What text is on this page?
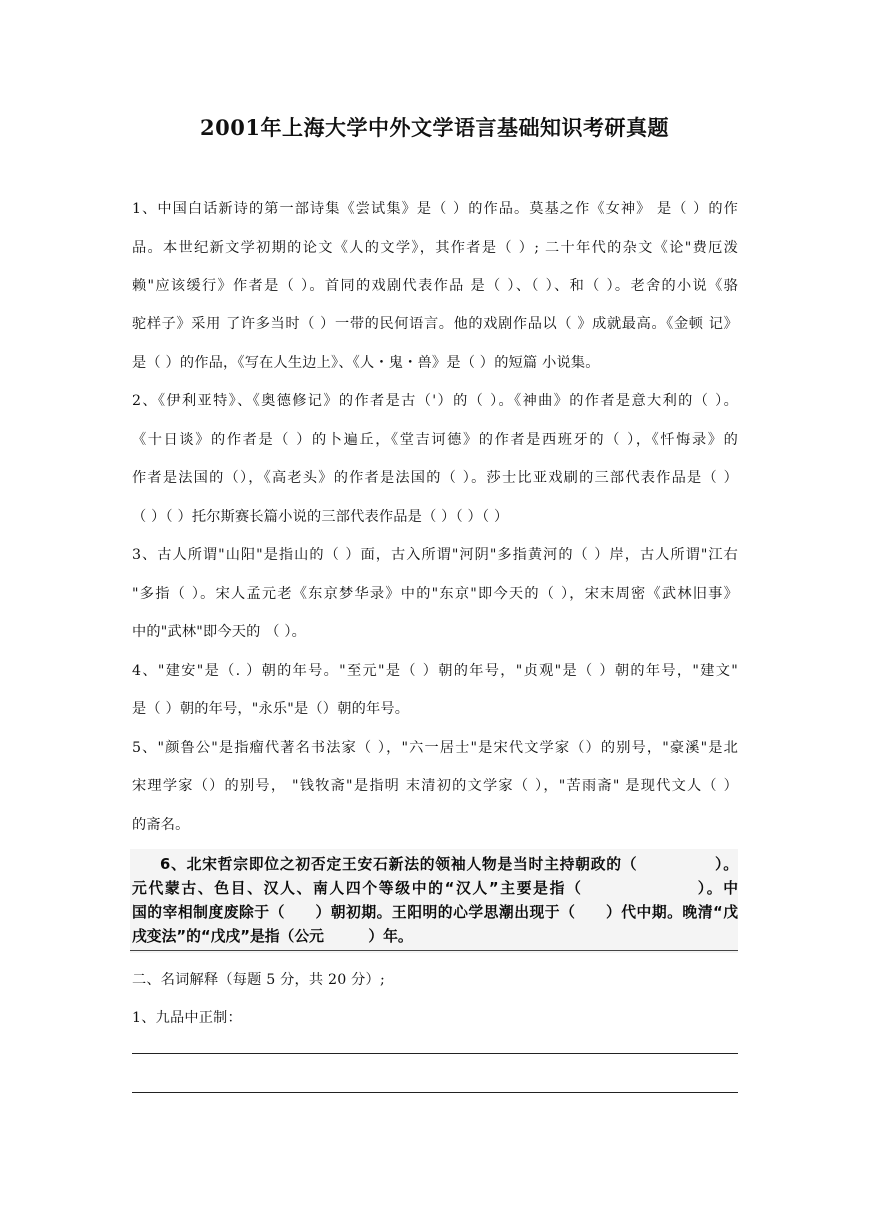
2001年上海大学中外文学语言基础知识考研真题
1、中国白话新诗的第一部诗集《尝试集》是（ ）的作品。莫基之作《女神》 是（ ）的作
品。本世纪新文学初期的论文《人的文学》，其作者是（ ）; 二十年代的杂文《论"费厄泼
赖"应该缓行》作者是（ ）。首同的戏剧代表作品 是（ ）、（ ）、和（ ）。老舍的小说《骆
驼样子》采用 了许多当时（ ）一带的民何语言。他的戏剧作品以（ 》成就最高。《金顿 记》
是（ ）的作品，《写在人生边上》、《人・鬼・兽》是（ ）的短篇 小说集。
2、《伊利亚特》、《奥德修记》的作者是古（'）的（ ）。《神曲》的作者是意大利的（ ）。
《十日谈》的作者是（ ）的卜遍丘，《堂吉诃德》的作者是西班牙的（ ），《忏悔录》的
作者是法国的（），《高老头》的作者是法国的（ ）。莎士比亚戏刷的三部代表作品是（ ）
（ ）（ ）托尔斯赛长篇小说的三部代表作品是（ ）（ ）（ ）
3、古人所谓"山阳"是指山的（ ）面，古入所谓"河阴"多指黄河的（ ）岸，古人所谓"江右
"多指（ ）。宋人孟元老《东京梦华录》中的"东京"即今天的（ ），宋末周密《武林旧事》
中的"武林"即今天的 （ ）。
4、"建安"是（. ）朝的年号。"至元"是（ ）朝的年号，"贞观"是（ ）朝的年号，"建文"
是（ ）朝的年号，"永乐"是（）朝的年号。
5、"颜鲁公"是指瘤代著名书法家（ ），"六一居士"是宋代文学家（）的别号，"豪溪"是北
宋理学家（）的别号， "钱牧斋"是指明 末清初的文学家（ ），"苦雨斋" 是现代文人（ ）
的斋名。
6、北宋哲宗即位之初否定王安石新法的领袖人物是当时主持朝政的（　　　　　）。
元代蒙古、色目、汉人、南人四个等级中的“汉人”主要是指（　　　　　　　）。中
国的宰相制度废除于（　　）朝初期。王阳明的心学思潮出现于（　　）代中期。晚清“戊
戌变法”的“戊戌”是指（公元　　　）年。
二、名词解释（每题 5 分，共 20 分）;
1、九品中正制：
